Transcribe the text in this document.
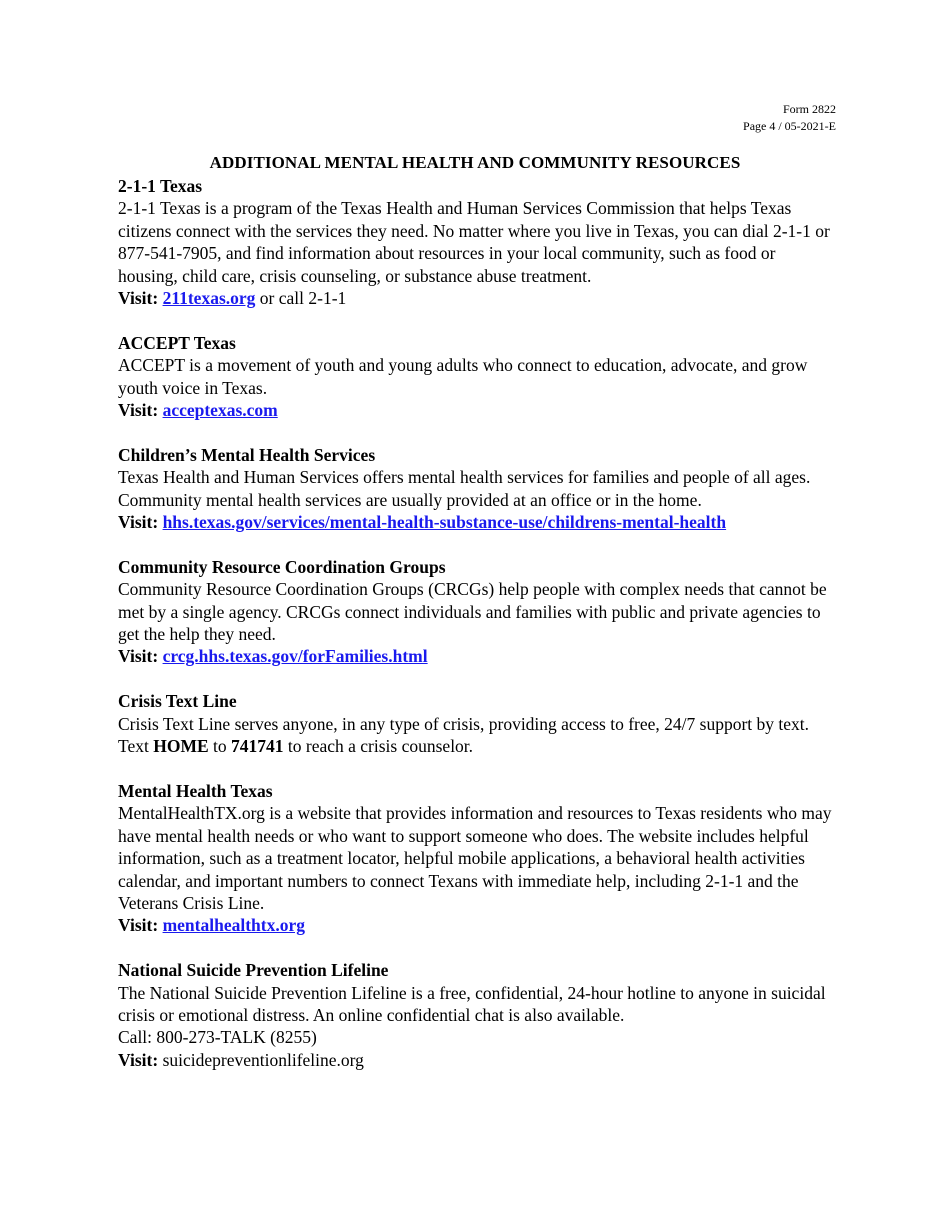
Form 2822
Page 4 / 05-2021-E
ADDITIONAL MENTAL HEALTH AND COMMUNITY RESOURCES
2-1-1 Texas
2-1-1 Texas is a program of the Texas Health and Human Services Commission that helps Texas citizens connect with the services they need. No matter where you live in Texas, you can dial 2-1-1 or 877-541-7905, and find information about resources in your local community, such as food or housing, child care, crisis counseling, or substance abuse treatment.
Visit: 211texas.org or call 2-1-1
ACCEPT Texas
ACCEPT is a movement of youth and young adults who connect to education, advocate, and grow youth voice in Texas.
Visit: acceptexas.com
Children’s Mental Health Services
Texas Health and Human Services offers mental health services for families and people of all ages. Community mental health services are usually provided at an office or in the home.
Visit: hhs.texas.gov/services/mental-health-substance-use/childrens-mental-health
Community Resource Coordination Groups
Community Resource Coordination Groups (CRCGs) help people with complex needs that cannot be met by a single agency. CRCGs connect individuals and families with public and private agencies to get the help they need.
Visit: crcg.hhs.texas.gov/forFamilies.html
Crisis Text Line
Crisis Text Line serves anyone, in any type of crisis, providing access to free, 24/7 support by text.
Text HOME to 741741 to reach a crisis counselor.
Mental Health Texas
MentalHealthTX.org is a website that provides information and resources to Texas residents who may have mental health needs or who want to support someone who does. The website includes helpful information, such as a treatment locator, helpful mobile applications, a behavioral health activities calendar, and important numbers to connect Texans with immediate help, including 2-1-1 and the Veterans Crisis Line.
Visit: mentalhealthtx.org
National Suicide Prevention Lifeline
The National Suicide Prevention Lifeline is a free, confidential, 24-hour hotline to anyone in suicidal crisis or emotional distress. An online confidential chat is also available.
Call: 800-273-TALK (8255)
Visit: suicidepreventionlifeline.org
